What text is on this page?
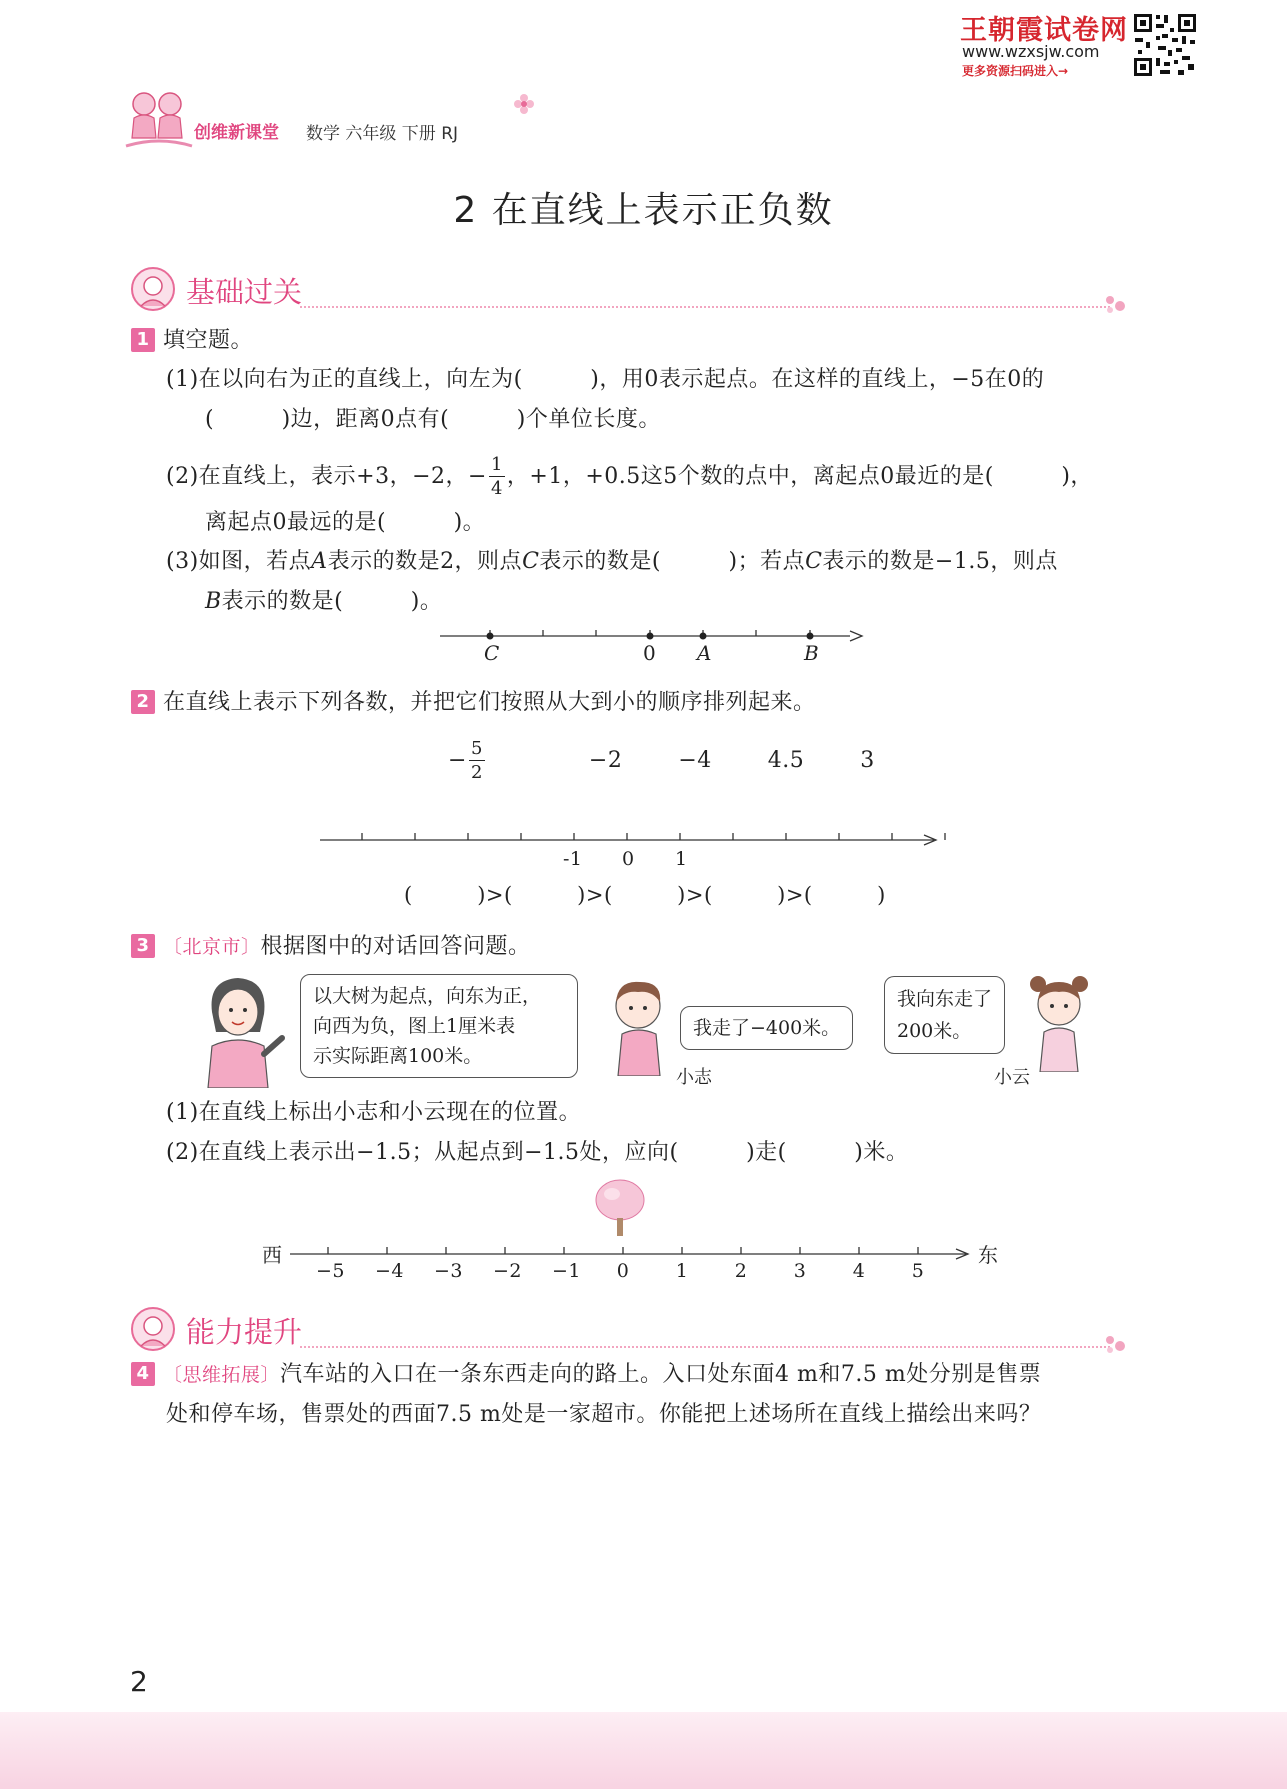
王朝霞试卷网
www.wzxsjw.com
更多资源扫码进入→
创维新课堂 数学 六年级 下册 RJ
2 在直线上表示正负数
基础过关
1 填空题。
(1)在以向右为正的直线上，向左为(　　　)，用0表示起点。在这样的直线上，−5在0的
(　　　)边，距离0点有(　　　)个单位长度。
(2)在直线上，表示+3，−2，− $\frac{1}{4}$ ，+1，+0.5这5个数的点中，离起点0最近的是(　　　)，
离起点0最远的是(　　　)。
(3)如图，若点A表示的数是2，则点C表示的数是(　　　)；若点C表示的数是−1.5，则点
B表示的数是(　　　)。
C	0 A	B
2 在直线上表示下列各数，并把它们按照从大到小的顺序排列起来。
− $\frac{5}{2} -2$	−4	4.5	3
-1 0 1
(　　　)>(　　　)>(　　　)>(　　　)>(　　　)
3 〔北京市〕根据图中的对话回答问题。
以大树为起点，向东为正，
向西为负，图上1厘米表
示实际距离100米。
我走了−400米。
小志
我向东走了
200米。
小云
(1)在直线上标出小志和小云现在的位置。
(2)在直线上表示出−1.5；从起点到−1.5处，应向(　　　)走(　　　)米。
西	东
−5 −4 −3 −2 −1	0	1	2	3	4	5
能力提升
4 〔思维拓展〕汽车站的入口在一条东西走向的路上。入口处东面4 m和7.5 m处分别是售票
处和停车场，售票处的西面7.5 m处是一家超市。你能把上述场所在直线上描绘出来吗？
2
